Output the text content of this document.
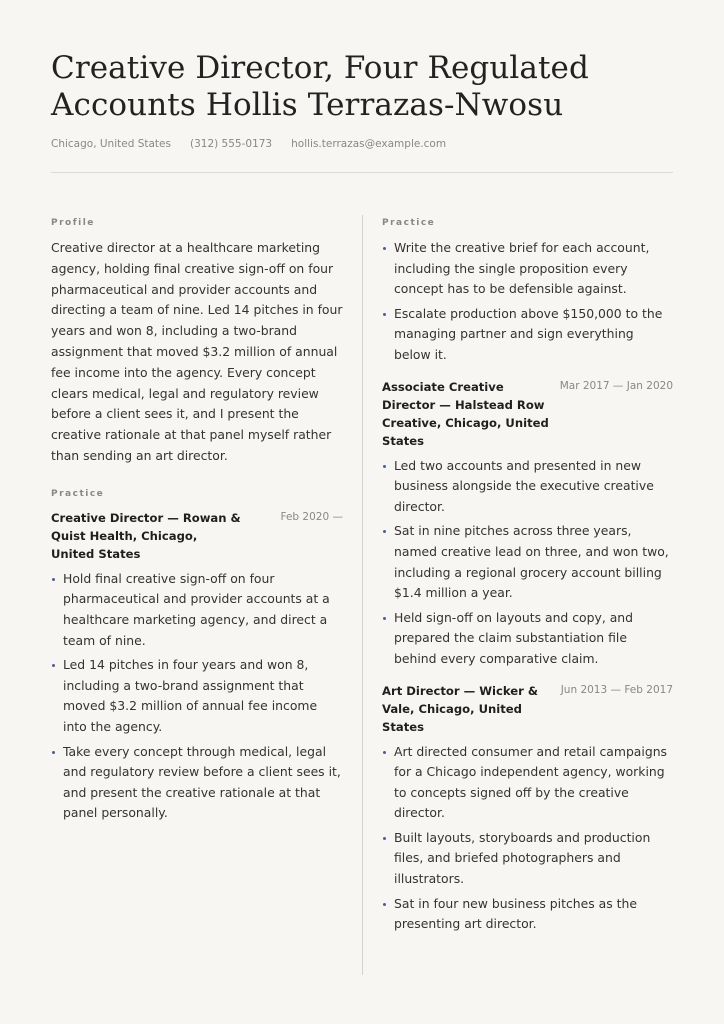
Creative Director, Four Regulated Accounts Hollis Terrazas-Nwosu
Chicago, United States (312) 555-0173 hollis.terrazas@example.com
Profile

Creative director at a healthcare marketing agency, holding final creative sign-off on four pharmaceutical and provider accounts and directing a team of nine. Led 14 pitches in four years and won 8, including a two-brand assignment that moved $3.2 million of annual fee income into the agency. Every concept clears medical, legal and regulatory review before a client sees it, and I present the creative rationale at that panel myself rather than sending an art director.

Practice
Creative Director — Rowan & Quist Health, Chicago, United States
Feb 2020 —
Hold final creative sign-off on four pharmaceutical and provider accounts at a healthcare marketing agency, and direct a team of nine.
Led 14 pitches in four years and won 8, including a two-brand assignment that moved $3.2 million of annual fee income into the agency.
Take every concept through medical, legal and regulatory review before a client sees it, and present the creative rationale at that panel personally.
Practice
Write the creative brief for each account, including the single proposition every concept has to be defensible against.
Escalate production above $150,000 to the managing partner and sign everything below it.
Associate Creative Director — Halstead Row Creative, Chicago, United States
Mar 2017 — Jan 2020
Led two accounts and presented in new business alongside the executive creative director.
Sat in nine pitches across three years, named creative lead on three, and won two, including a regional grocery account billing $1.4 million a year.
Held sign-off on layouts and copy, and prepared the claim substantiation file behind every comparative claim.
Art Director — Wicker & Vale, Chicago, United States
Jun 2013 — Feb 2017
Art directed consumer and retail campaigns for a Chicago independent agency, working to concepts signed off by the creative director.
Built layouts, storyboards and production files, and briefed photographers and illustrators.
Sat in four new business pitches as the presenting art director.
